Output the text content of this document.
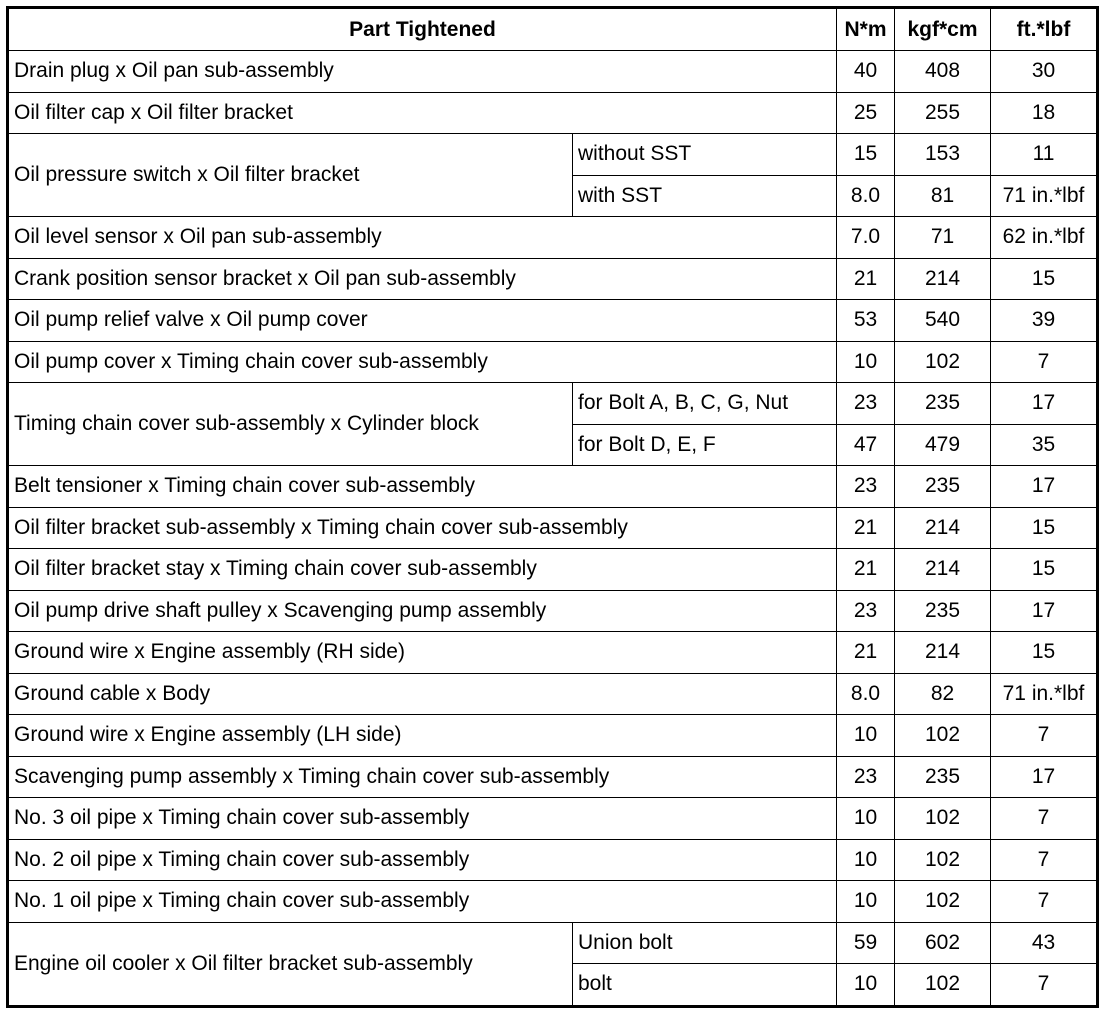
Part Tightened		N*m	kgf*cm	ft.*lbf
Drain plug x Oil pan sub-assembly		40	408	30
Oil filter cap x Oil filter bracket		25	255	18
Oil pressure switch x Oil filter bracket	without SST	15	153	11
	with SST	8.0	81	71 in.*lbf
Oil level sensor x Oil pan sub-assembly		7.0	71	62 in.*lbf
Crank position sensor bracket x Oil pan sub-assembly		21	214	15
Oil pump relief valve x Oil pump cover		53	540	39
Oil pump cover x Timing chain cover sub-assembly		10	102	7
Timing chain cover sub-assembly x Cylinder block	for Bolt A, B, C, G, Nut	23	235	17
	for Bolt D, E, F	47	479	35
Belt tensioner x Timing chain cover sub-assembly		23	235	17
Oil filter bracket sub-assembly x Timing chain cover sub-assembly		21	214	15
Oil filter bracket stay x Timing chain cover sub-assembly		21	214	15
Oil pump drive shaft pulley x Scavenging pump assembly		23	235	17
Ground wire x Engine assembly (RH side)		21	214	15
Ground cable x Body		8.0	82	71 in.*lbf
Ground wire x Engine assembly (LH side)		10	102	7
Scavenging pump assembly x Timing chain cover sub-assembly		23	235	17
No. 3 oil pipe x Timing chain cover sub-assembly		10	102	7
No. 2 oil pipe x Timing chain cover sub-assembly		10	102	7
No. 1 oil pipe x Timing chain cover sub-assembly		10	102	7
Engine oil cooler x Oil filter bracket sub-assembly	Union bolt	59	602	43
	bolt	10	102	7
